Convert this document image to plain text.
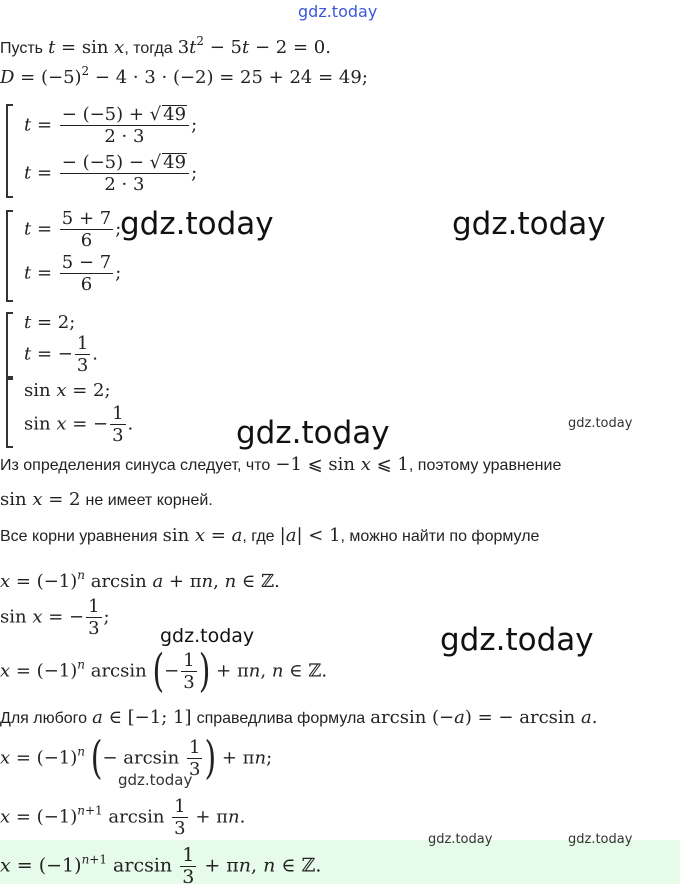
gdz.today
Пусть t = sin x, тогда $3t^2 - 5t - 2 = 0$.
$D = (-5)^2 - 4 \cdot 3 \cdot (-2) = 25 + 24 = 49$;
$t = \frac{- (-5) + √ 49}{2 \cdot 3}$ ;
$t = \frac{- (-5) - √ 49}{2 \cdot 3}$ ;
$t = \frac{5 + 7}{6}$ ;
$t = \frac{5 - 7}{6}$ ;
t = 2;
t = − $\frac{1}{3}$ .
sin x = 2;
sin x = − $\frac{1}{3}$ .
Из определения синуса следует, что −1 ⩽ sin x ⩽ 1, поэтому уравнение
sin x = 2 не имеет корней.
Все корни уравнения sin x = a, где |a| < 1, можно найти по формуле
$x = (-1)^n$ arcsin a + πn, n ∈ ℤ.
sin x = − $\frac{1}{3}$ ;
$x = (-1)^n$ arcsin (− $\frac{1}{3}$ ) + πn, n ∈ ℤ.
Для любого a ∈ [−1; 1] справедлива формула arcsin (−a) = − arcsin a.
$x = (-1)^n$ (− $\arcsin \frac{1}{3}$ ) + πn;
$x = (-1)^{n+1}$ $\arcsin \frac{1}{3} + \pi n$.
$x = (-1)^{n+1}$ $\arcsin \frac{1}{3} + \pi n$, n ∈ ℤ.
gdz.today	gdz.today
gdz.today	gdz.today
gdz.today	gdz.today
gdz.today
gdz.today	gdz.today
